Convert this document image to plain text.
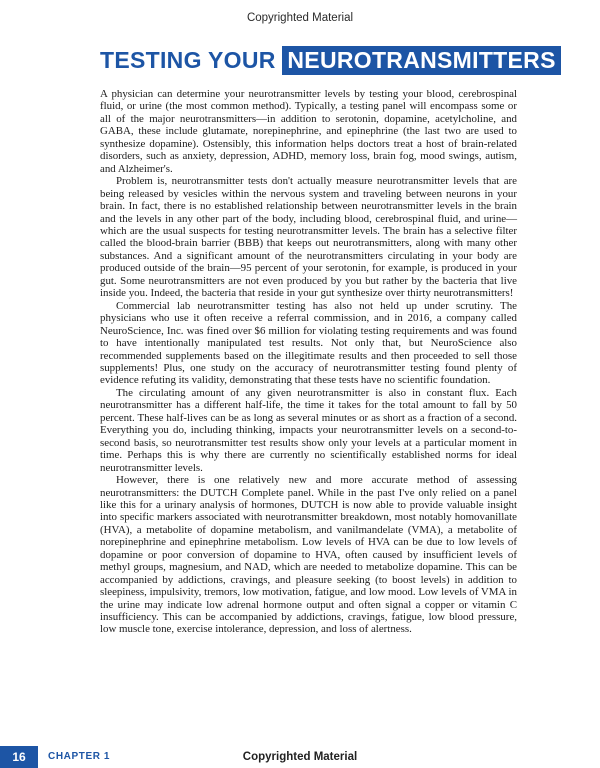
Copyrighted Material
TESTING YOUR NEUROTRANSMITTERS

A physician can determine your neurotransmitter levels by testing your blood, cerebrospinal fluid, or urine (the most common method). Typically, a testing panel will encompass some or all of the major neurotransmitters—in addition to serotonin, dopamine, acetylcholine, and GABA, these include glutamate, norepinephrine, and epinephrine (the last two are used to synthesize dopamine). Ostensibly, this information helps doctors treat a host of brain-related disorders, such as anxiety, depression, ADHD, memory loss, brain fog, mood swings, autism, and Alzheimer's.

Problem is, neurotransmitter tests don't actually measure neurotransmitter levels that are being released by vesicles within the nervous system and traveling between neurons in your brain. In fact, there is no established relationship between neurotransmitter levels in the brain and the levels in any other part of the body, including blood, cerebrospinal fluid, and urine—which are the usual suspects for testing neurotransmitter levels. The brain has a selective filter called the blood-brain barrier (BBB) that keeps out neurotransmitters, along with many other substances. And a significant amount of the neurotransmitters circulating in your body are produced outside of the brain—95 percent of your serotonin, for example, is produced in your gut. Some neurotransmitters are not even produced by you but rather by the bacteria that live inside you. Indeed, the bacteria that reside in your gut synthesize over thirty neurotransmitters!

Commercial lab neurotransmitter testing has also not held up under scrutiny. The physicians who use it often receive a referral commission, and in 2016, a company called NeuroScience, Inc. was fined over $6 million for violating testing requirements and was found to have intentionally manipulated test results. Not only that, but NeuroScience also recommended supplements based on the illegitimate results and then proceeded to sell those supplements! Plus, one study on the accuracy of neurotransmitter testing found plenty of evidence refuting its validity, demonstrating that these tests have no scientific foundation.

The circulating amount of any given neurotransmitter is also in constant flux. Each neurotransmitter has a different half-life, the time it takes for the total amount to fall by 50 percent. These half-lives can be as long as several minutes or as short as a fraction of a second. Everything you do, including thinking, impacts your neurotransmitter levels on a second-to-second basis, so neurotransmitter test results show only your levels at a particular moment in time. Perhaps this is why there are currently no scientifically established norms for ideal neurotransmitter levels.

However, there is one relatively new and more accurate method of assessing neurotransmitters: the DUTCH Complete panel. While in the past I've only relied on a panel like this for a urinary analysis of hormones, DUTCH is now able to provide valuable insight into specific markers associated with neurotransmitter breakdown, most notably homovanillate (HVA), a metabolite of dopamine metabolism, and vanilmandelate (VMA), a metabolite of norepinephrine and epinephrine metabolism. Low levels of HVA can be due to low levels of dopamine or poor conversion of dopamine to HVA, often caused by insufficient levels of methyl groups, magnesium, and NAD, which are needed to metabolize dopamine. This can be accompanied by addictions, cravings, and pleasure seeking (to boost levels) in addition to sleepiness, impulsivity, tremors, low motivation, fatigue, and low mood. Low levels of VMA in the urine may indicate low adrenal hormone output and often signal a copper or vitamin C insufficiency. This can be accompanied by addictions, cravings, fatigue, low blood pressure, low muscle tone, exercise intolerance, depression, and loss of alertness.

16 CHAPTER 1	Copyrighted Material
